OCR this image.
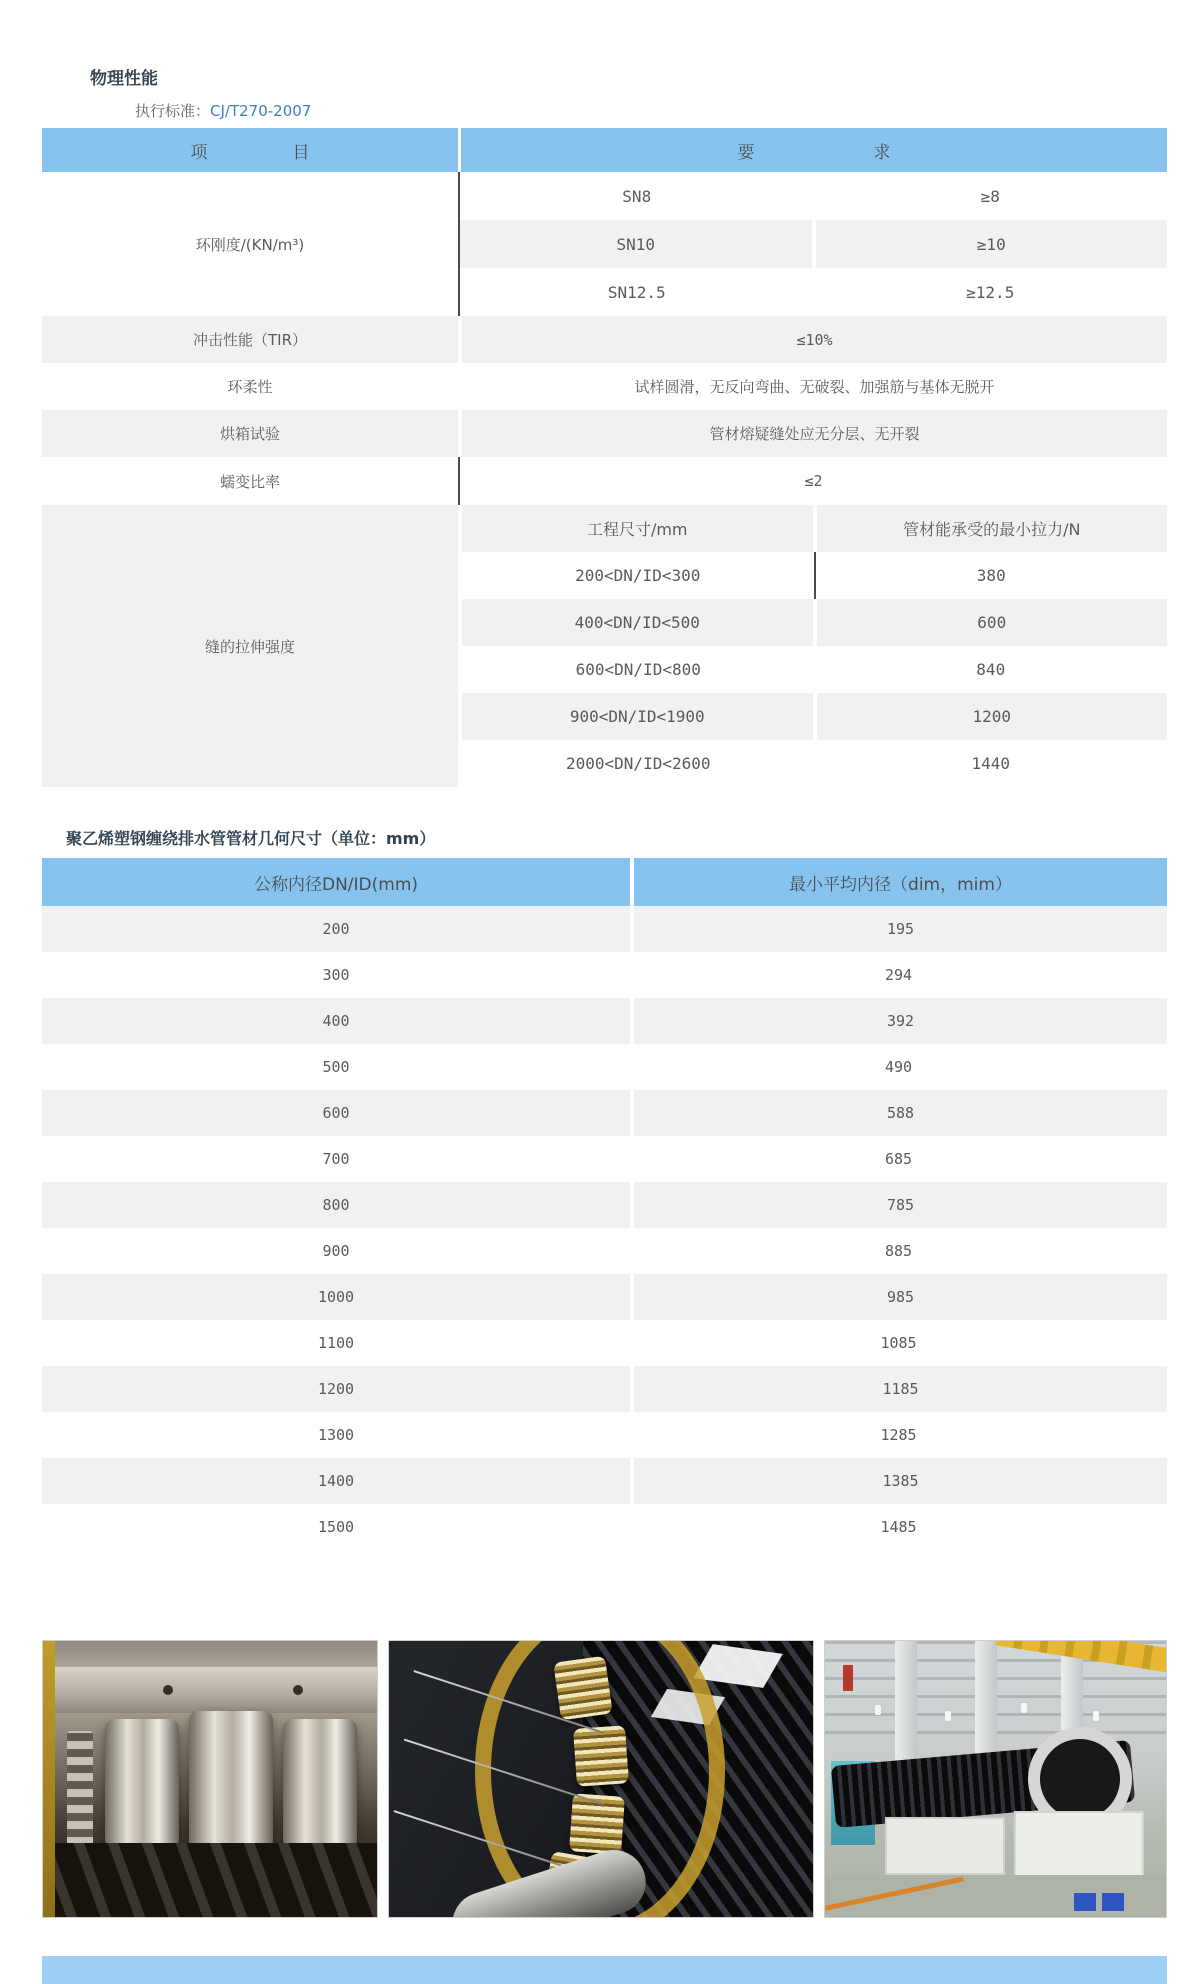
物理性能
执行标准：CJ/T270-2007
项　　　　　目	要　　　　　　　求
环刚度/(KN/m³)
SN8	≥8
SN10	≥10
SN12.5	≥12.5
冲击性能（TIR）	≤10%
环柔性	试样圆滑，无反向弯曲、无破裂、加强筋与基体无脱开
烘箱试验	管材熔疑缝处应无分层、无开裂
蠕变比率	≤2
缝的拉伸强度
工程尺寸/mm	管材能承受的最小拉力/N
200<DN/ID<300	380
400<DN/ID<500	600
600<DN/ID<800	840
900<DN/ID<1900	1200
2000<DN/ID<2600	1440
聚乙烯塑钢缠绕排水管管材几何尺寸（单位：mm）
公称内径DN/ID(mm)	最小平均内径（dim，mim）
200	195
300	294
400	392
500	490
600	588
700	685
800	785
900	885
1000	985
1100	1085
1200	1185
1300	1285
1400	1385
1500	1485
